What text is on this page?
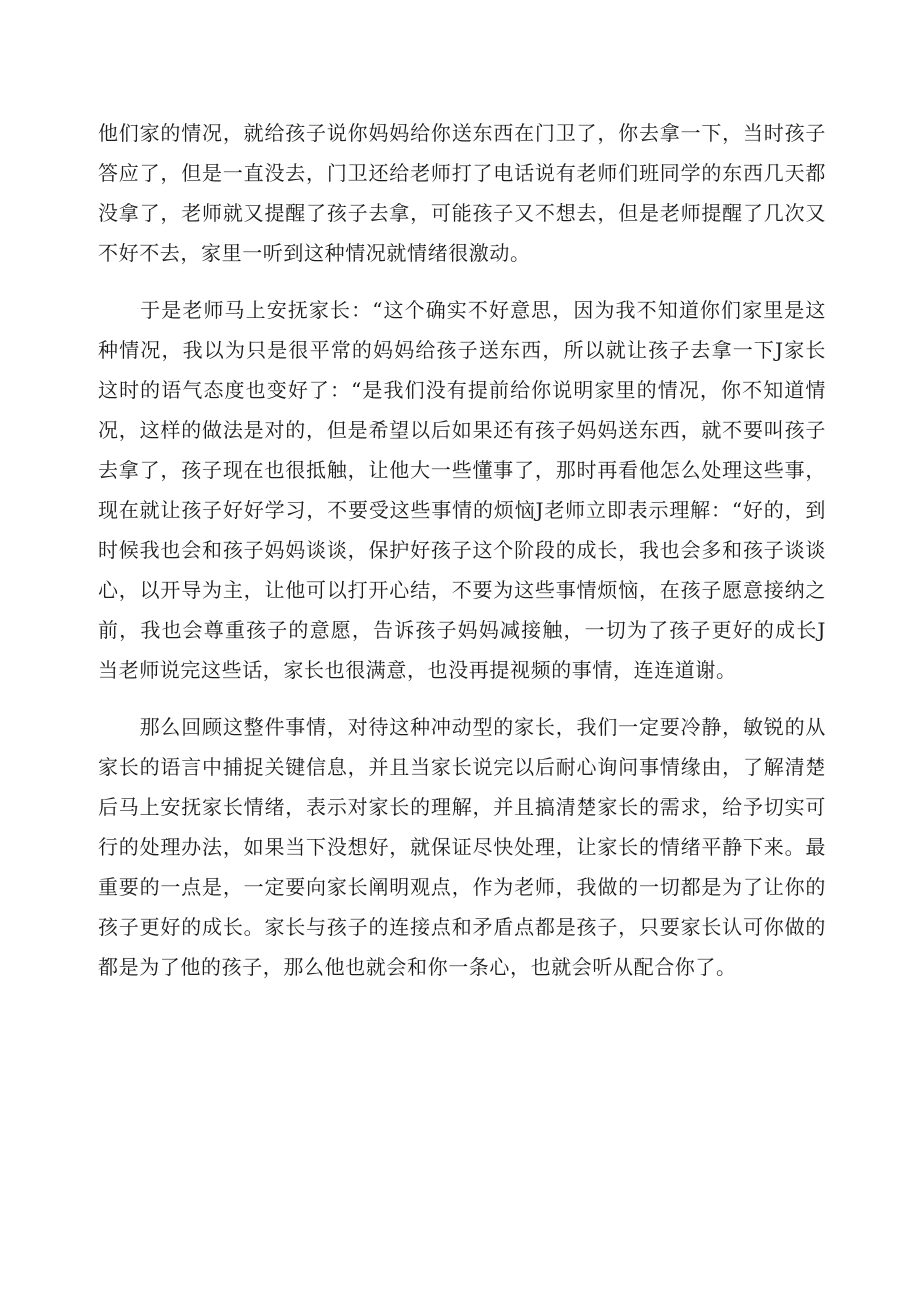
他们家的情况，就给孩子说你妈妈给你送东西在门卫了，你去拿一下，当时孩子答应了，但是一直没去，门卫还给老师打了电话说有老师们班同学的东西几天都没拿了，老师就又提醒了孩子去拿，可能孩子又不想去，但是老师提醒了几次又不好不去，家里一听到这种情况就情绪很激动。

　　于是老师马上安抚家长：“这个确实不好意思，因为我不知道你们家里是这种情况，我以为只是很平常的妈妈给孩子送东西，所以就让孩子去拿一下J家长这时的语气态度也变好了：“是我们没有提前给你说明家里的情况，你不知道情况，这样的做法是对的，但是希望以后如果还有孩子妈妈送东西，就不要叫孩子去拿了，孩子现在也很抵触，让他大一些懂事了，那时再看他怎么处理这些事，现在就让孩子好好学习，不要受这些事情的烦恼J老师立即表示理解：“好的，到时候我也会和孩子妈妈谈谈，保护好孩子这个阶段的成长，我也会多和孩子谈谈心，以开导为主，让他可以打开心结，不要为这些事情烦恼，在孩子愿意接纳之前，我也会尊重孩子的意愿，告诉孩子妈妈减接触，一切为了孩子更好的成长J当老师说完这些话，家长也很满意，也没再提视频的事情，连连道谢。

　　那么回顾这整件事情，对待这种冲动型的家长，我们一定要冷静，敏锐的从家长的语言中捕捉关键信息，并且当家长说完以后耐心询问事情缘由，了解清楚后马上安抚家长情绪，表示对家长的理解，并且搞清楚家长的需求，给予切实可行的处理办法，如果当下没想好，就保证尽快处理，让家长的情绪平静下来。最重要的一点是，一定要向家长阐明观点，作为老师，我做的一切都是为了让你的孩子更好的成长。家长与孩子的连接点和矛盾点都是孩子，只要家长认可你做的都是为了他的孩子，那么他也就会和你一条心，也就会听从配合你了。
